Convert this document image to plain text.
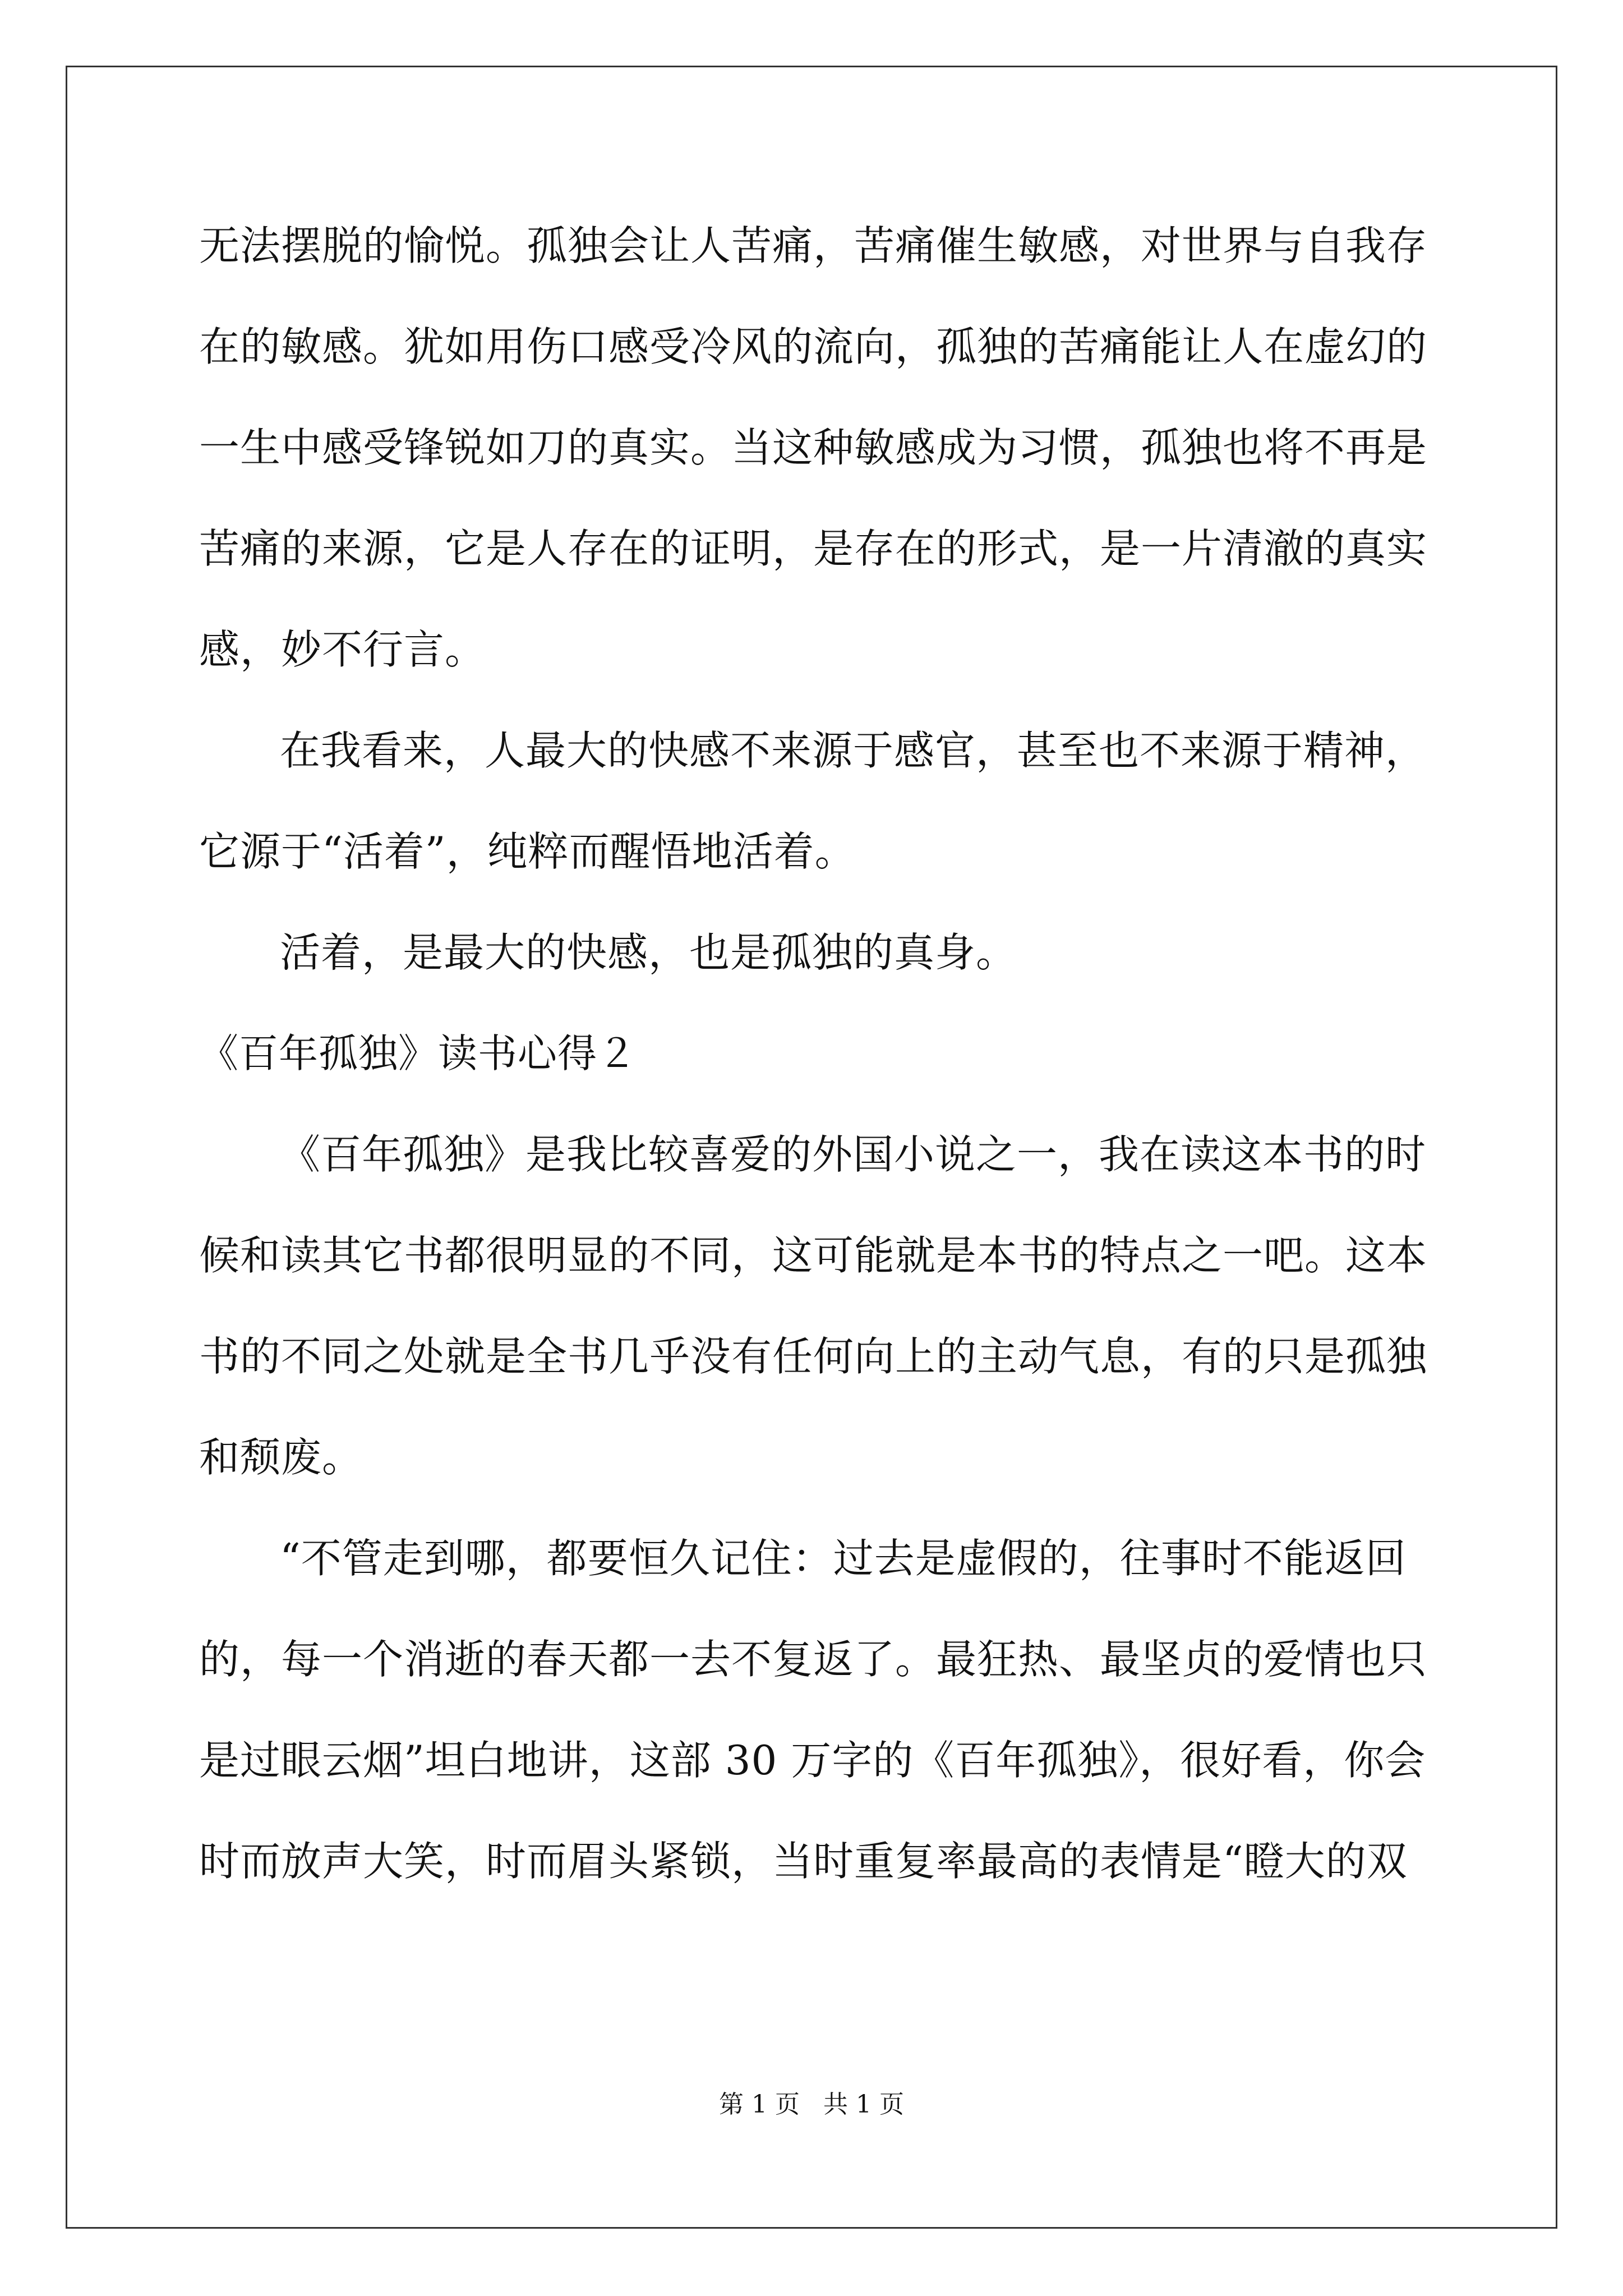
无法摆脱的愉悦。孤独会让人苦痛，苦痛催生敏感，对世界与自我存
在的敏感。犹如用伤口感受冷风的流向，孤独的苦痛能让人在虚幻的
一生中感受锋锐如刀的真实。当这种敏感成为习惯，孤独也将不再是
苦痛的来源，它是人存在的证明，是存在的形式，是一片清澈的真实
感，妙不行言。
在我看来，人最大的快感不来源于感官，甚至也不来源于精神，
它源于“活着”，纯粹而醒悟地活着。
活着，是最大的快感，也是孤独的真身。
《百年孤独》读书心得２
《百年孤独》是我比较喜爱的外国小说之一，我在读这本书的时
候和读其它书都很明显的不同，这可能就是本书的特点之一吧。这本
书的不同之处就是全书几乎没有任何向上的主动气息，有的只是孤独
和颓废。
“不管走到哪，都要恒久记住：过去是虚假的，往事时不能返回
的，每一个消逝的春天都一去不复返了。最狂热、最坚贞的爱情也只
是过眼云烟”坦白地讲，这部 30 万字的《百年孤独》，很好看，你会
时而放声大笑，时而眉头紧锁，当时重复率最高的表情是“瞪大的双
第 1 页   共 1 页
